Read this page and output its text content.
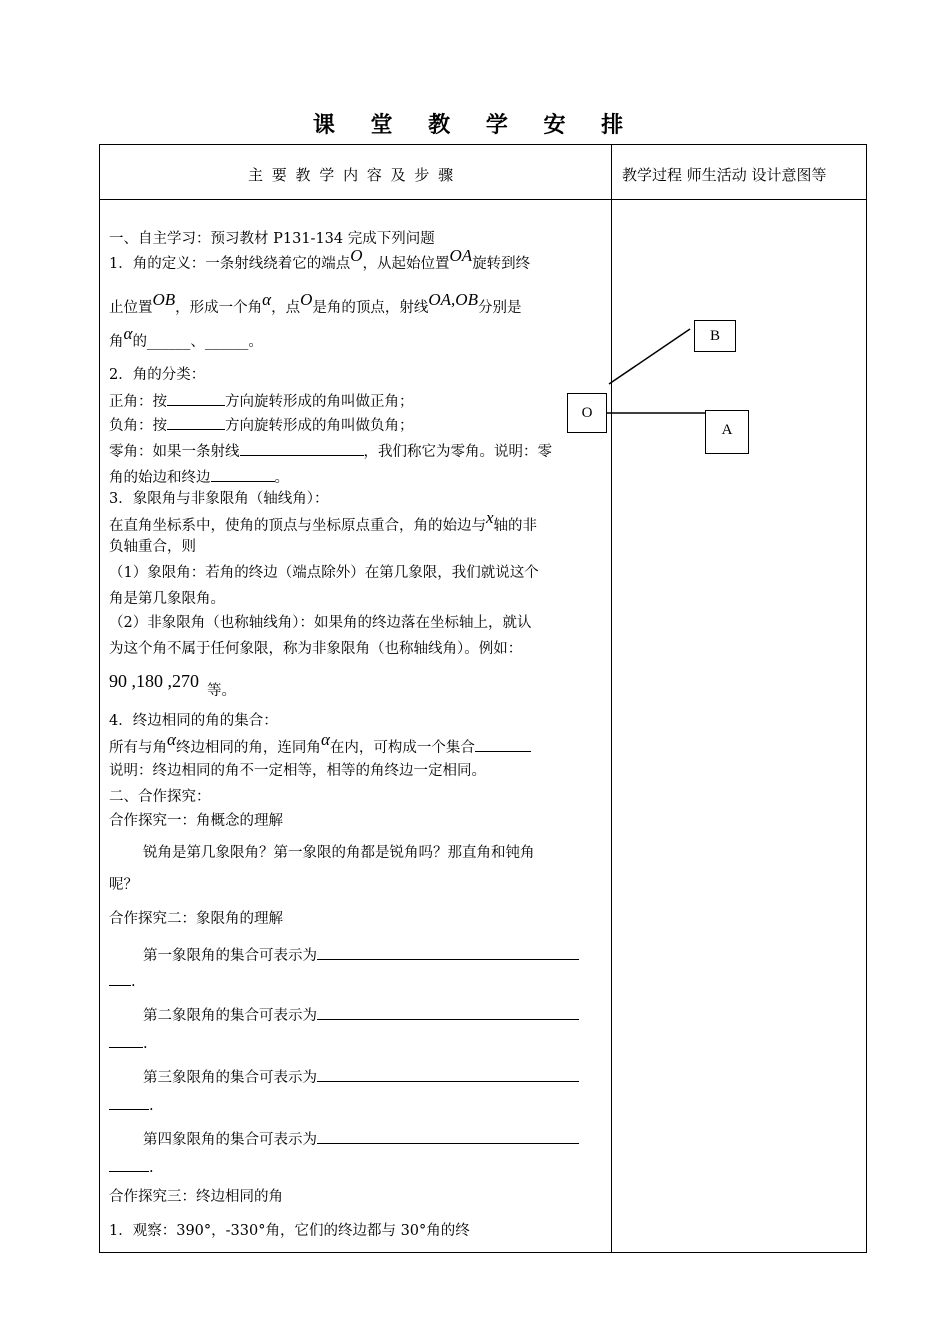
课 堂 教 学 安 排
主 要 教 学 内 容 及 步 骤	教学过程 师生活动 设计意图等
一、自主学习：预习教材 P131-134 完成下列问题
1．角的定义：一条射线绕着它的端点O，从起始位置OA旋转到终
止位置OB，形成一个角α，点O是角的顶点，射线OA,OB分别是
角α的______、______。
2．角的分类：
正角：按	方向旋转形成的角叫做正角；
负角：按	方向旋转形成的角叫做负角；
零角：如果一条射线	，我们称它为零角。说明：零
角的始边和终边	。
3．象限角与非象限角（轴线角）：
在直角坐标系中，使角的顶点与坐标原点重合，角的始边与x轴的非
负轴重合，则
（1）象限角：若角的终边（端点除外）在第几象限，我们就说这个
角是第几象限角。
（2）非象限角（也称轴线角）：如果角的终边落在坐标轴上，就认
为这个角不属于任何象限，称为非象限角（也称轴线角）。例如：
90 ,180 ,270 等。
4．终边相同的角的集合：
所有与角α终边相同的角，连同角α在内，可构成一个集合
说明：终边相同的角不一定相等，相等的角终边一定相同。
二、合作探究：
合作探究一：角概念的理解
锐角是第几象限角？第一象限的角都是锐角吗？那直角和钝角
呢？
合作探究二：象限角的理解
第一象限角的集合可表示为
.
第二象限角的集合可表示为
.
第三象限角的集合可表示为
.
第四象限角的集合可表示为
.
合作探究三：终边相同的角
1．观察：390°，-330°角，它们的终边都与 30°角的终
B
O
A
